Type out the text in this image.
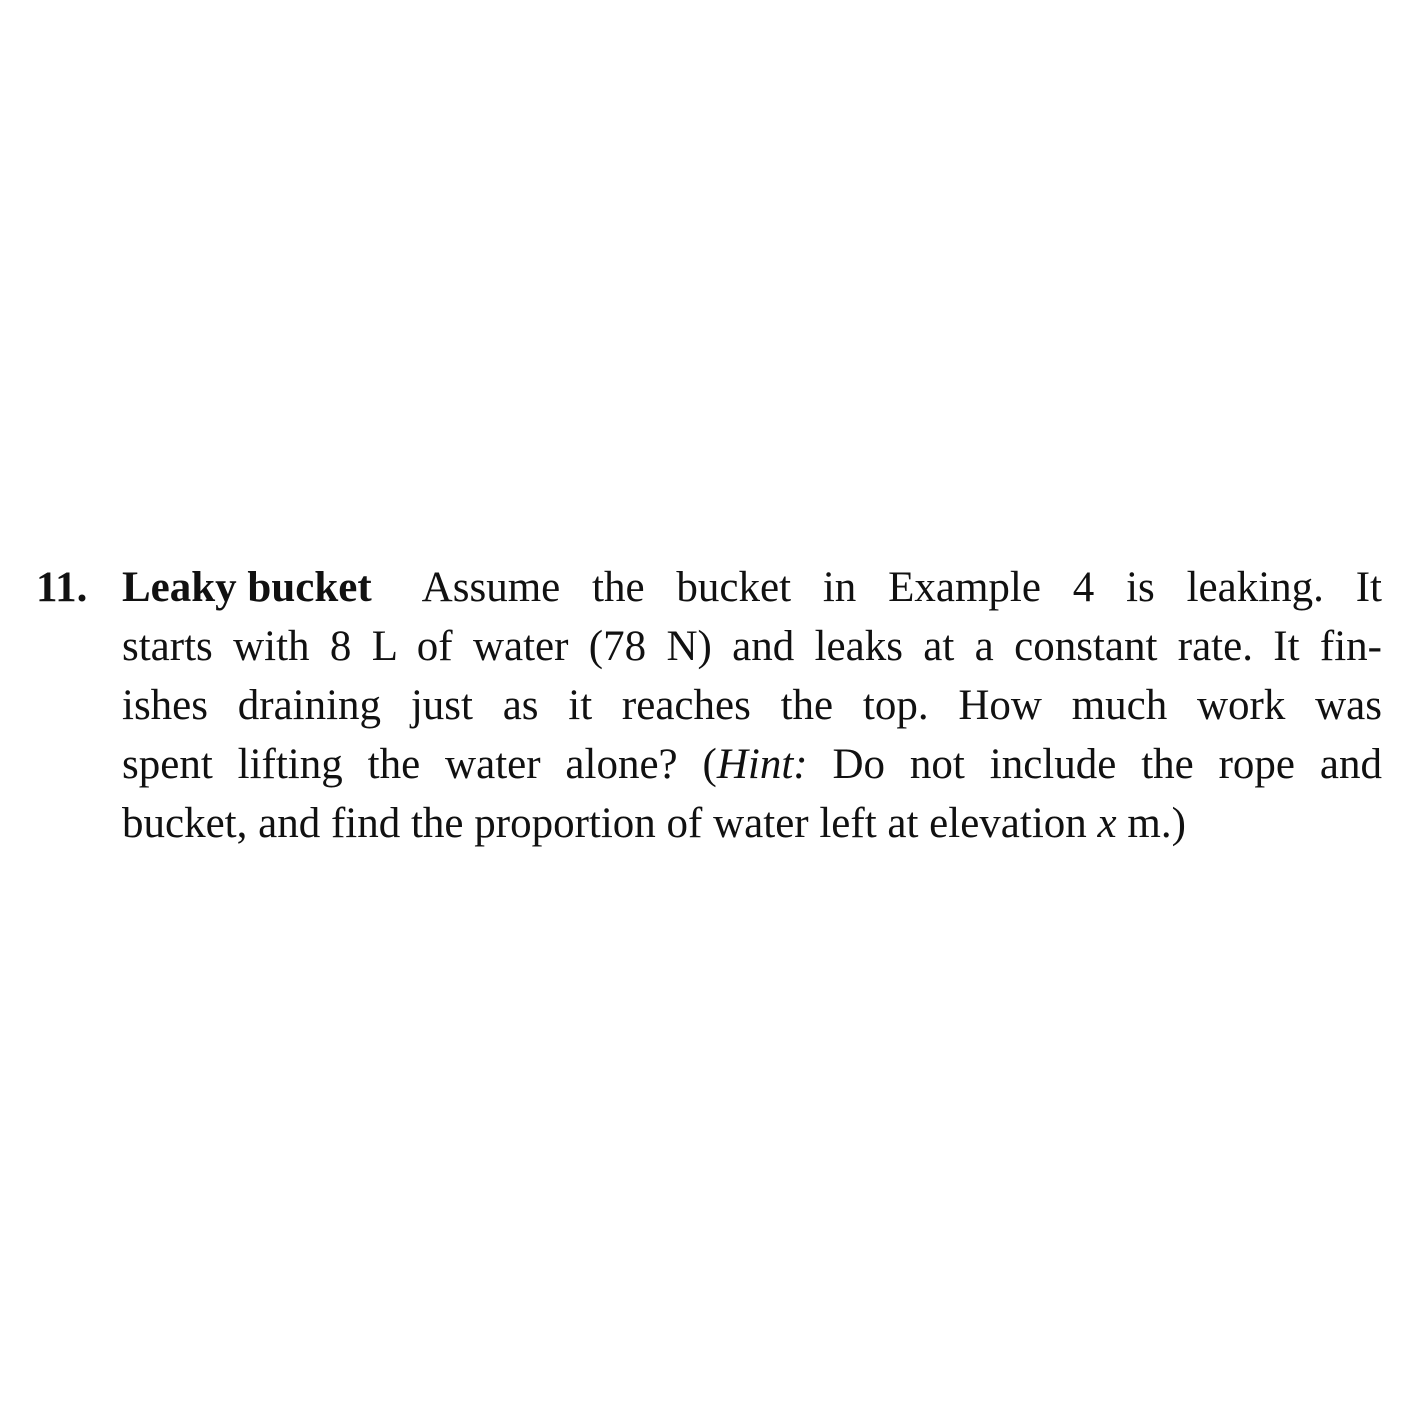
11. Leaky bucket Assume the bucket in Example 4 is leaking. It
starts with 8 L of water (78 N) and leaks at a constant rate. It fin-
ishes draining just as it reaches the top. How much work was
spent lifting the water alone? (Hint: Do not include the rope and
bucket, and find the proportion of water left at elevation x m.)
